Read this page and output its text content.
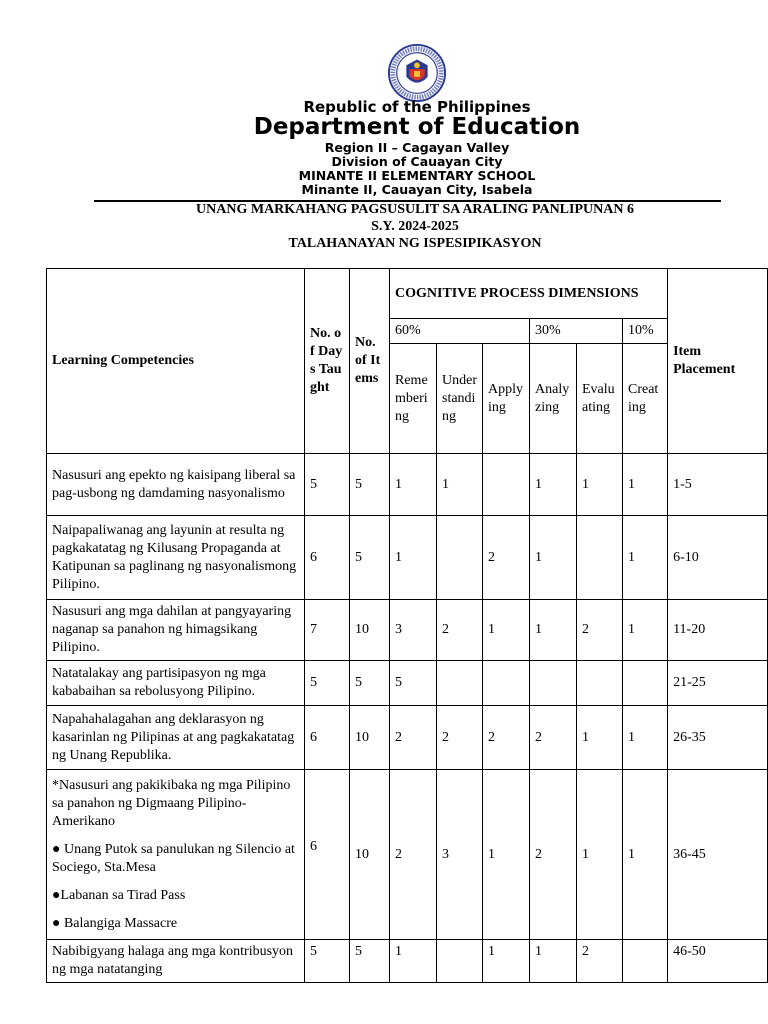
Republic of the Philippines
Department of Education
Region II – Cagayan Valley
Division of Cauayan City
MINANTE II ELEMENTARY SCHOOL
Minante II, Cauayan City, Isabela
UNANG MARKAHANG PAGSUSULIT SA ARALING PANLIPUNAN 6
S.Y. 2024-2025
TALAHANAYAN NG ISPESIPIKASYON
Learning Competencies	No. of Days Taught	No. of Items	COGNITIVE PROCESS DIMENSIONS						Item Placement
			60%			30%		10%	
			Remembering	Understanding	Applying	Analyzing	Evaluating	Creating	
Nasusuri ang epekto ng kaisipang liberal sa pag-usbong ng damdaming nasyonalismo	5	5	1	1		1	1	1	1-5
Naipapaliwanag ang layunin at resulta ng pagkakatatag ng Kilusang Propaganda at Katipunan sa paglinang ng nasyonalismong Pilipino.	6	5	1		2	1		1	6-10
Nasusuri ang mga dahilan at pangyayaring naganap sa panahon ng himagsikang Pilipino.	7	10	3	2	1	1	2	1	11-20
Natatalakay ang partisipasyon ng mga kababaihan sa rebolusyong Pilipino.	5	5	5						21-25
Napahahalagahan ang deklarasyon ng kasarinlan ng Pilipinas at ang pagkakatatag ng Unang Republika.	6	10	2	2	2	2	1	1	26-35

*Nasusuri ang pakikibaka ng mga Pilipino sa panahon ng Digmaang Pilipino-Amerikano

● Unang Putok sa panulukan ng Silencio at Sociego, Sta.Mesa

●Labanan sa Tirad Pass

● Balangiga Massacre	6	10	2	3	1	2	1	1	36-45
Nabibigyang halaga ang mga kontribusyon ng mga natatanging	5	5	1		1	1	2		46-50
